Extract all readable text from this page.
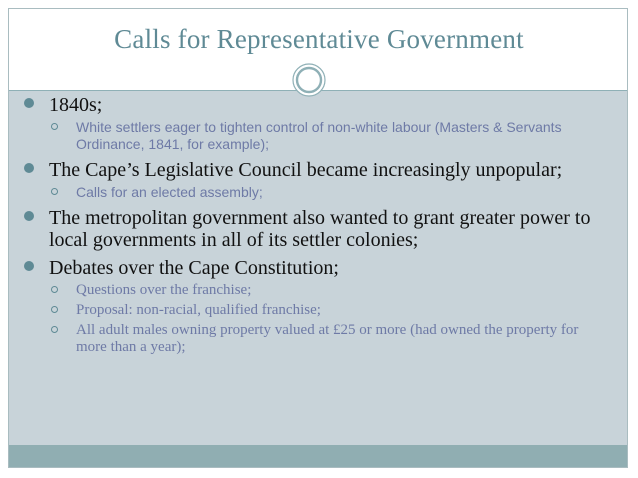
Calls for Representative Government
1840s;
White settlers eager to tighten control of non-white labour (Masters & Servants Ordinance, 1841, for example);
The Cape’s Legislative Council became increasingly unpopular;
Calls for an elected assembly;
The metropolitan government also wanted to grant greater power to local governments in all of its settler colonies;
Debates over the Cape Constitution;
Questions over the franchise;
Proposal: non-racial, qualified franchise;
All adult males owning property valued at £25 or more (had owned the property for more than a year);
